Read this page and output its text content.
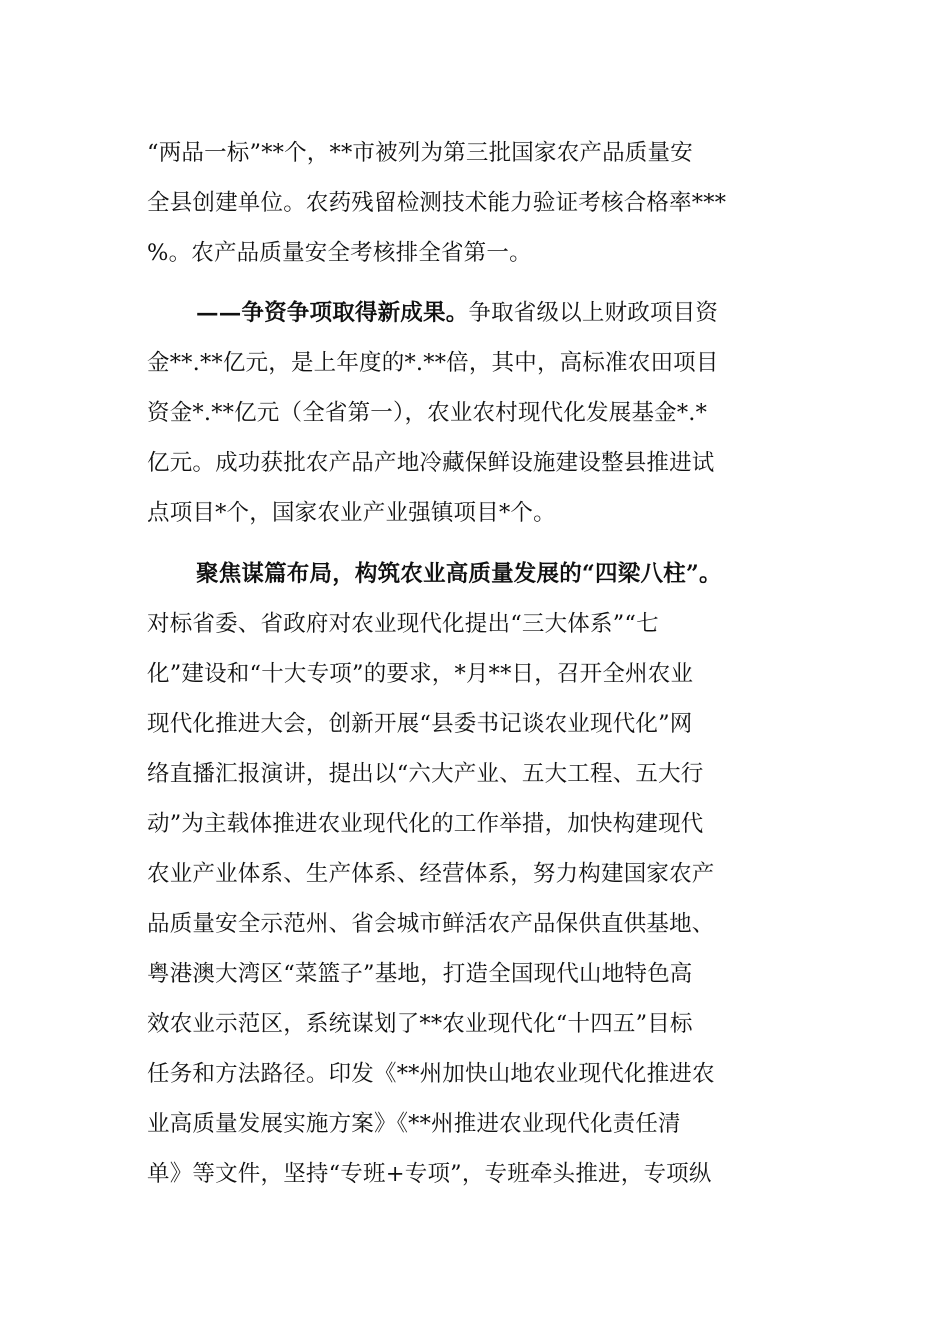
“两品一标”**个，**市被列为第三批国家农产品质量安
全县创建单位。农药残留检测技术能力验证考核合格率***
%。农产品质量安全考核排全省第一。
——争资争项取得新成果。争取省级以上财政项目资
金**.**亿元，是上年度的*.**倍，其中，高标准农田项目
资金*.**亿元（全省第一），农业农村现代化发展基金*.*
亿元。成功获批农产品产地冷藏保鲜设施建设整县推进试
点项目*个，国家农业产业强镇项目*个。
聚焦谋篇布局，构筑农业高质量发展的“四梁八柱”。
对标省委、省政府对农业现代化提出“三大体系”“七
化”建设和“十大专项”的要求，*月**日，召开全州农业
现代化推进大会，创新开展“县委书记谈农业现代化”网
络直播汇报演讲，提出以“六大产业、五大工程、五大行
动”为主载体推进农业现代化的工作举措，加快构建现代
农业产业体系、生产体系、经营体系，努力构建国家农产
品质量安全示范州、省会城市鲜活农产品保供直供基地、
粤港澳大湾区“菜篮子”基地，打造全国现代山地特色高
效农业示范区，系统谋划了**农业现代化“十四五”目标
任务和方法路径。印发《**州加快山地农业现代化推进农
业高质量发展实施方案》《**州推进农业现代化责任清
单》等文件，坚持“专班+专项”，专班牵头推进，专项纵
